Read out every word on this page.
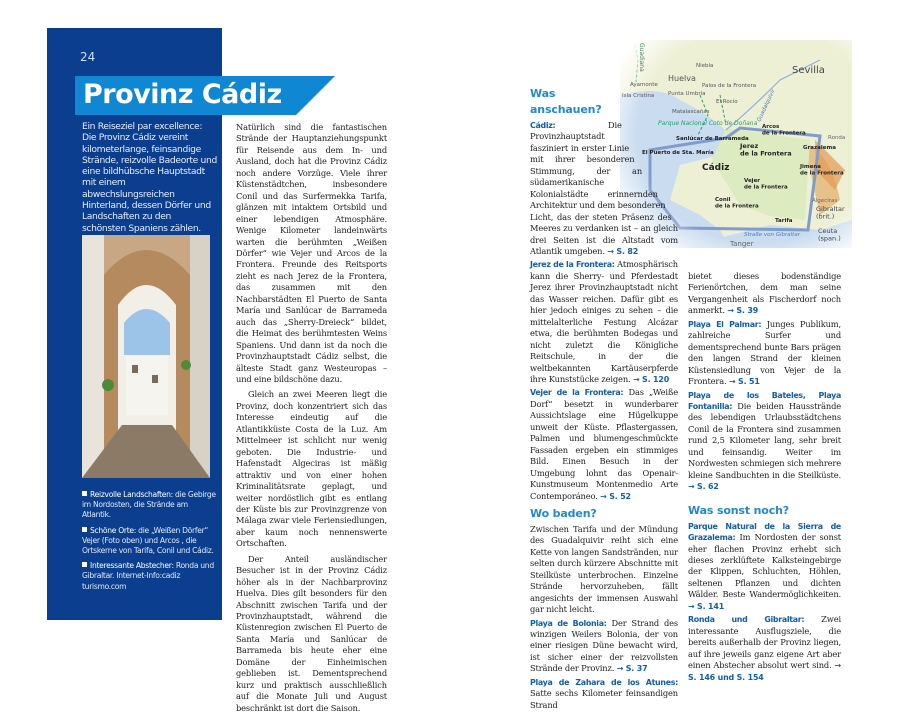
24
Provinz Cádiz
Ein Reiseziel par excellence: Die Provinz Cádiz vereint kilometerlange, feinsandige Strände, reizvolle Badeorte und eine bildhübsche Hauptstadt mit einem abwechslungsreichen Hinterland, dessen Dörfer und Landschaften zu den schönsten Spaniens zählen.

Reizvolle Landschaften: die Gebirge im Nordosten, die Strände am Atlantik.

Schöne Orte: die „Weißen Dörfer“ Vejer (Foto oben) und Arcos , die Ortskerne von Tarifa, Conil und Cádiz.

Interessante Abstecher: Ronda und Gibraltar. Internet-Info:cadiz turismo.com

Natürlich sind die fantastischen Strände der Hauptanziehungspunkt für Reisende aus dem In- und Ausland, doch hat die Provinz Cádiz noch andere Vorzüge. Viele ihrer Küstenstädtchen, insbesondere Conil und das Surfermekka Tarifa, glänzen mit intaktem Ortsbild und einer lebendigen Atmosphäre. Wenige Kilometer landeinwärts warten die berühmten „Weißen Dörfer“ wie Vejer und Arcos de la Frontera. Freunde des Reitsports zieht es nach Jerez de la Frontera, das zusammen mit den Nachbarstädten El Puerto de Santa María und Sanlúcar de Barrameda auch das „Sherry-Dreieck“ bildet, die Heimat des berühmtesten Weins Spaniens. Und dann ist da noch die Provinzhauptstadt Cádiz selbst, die älteste Stadt ganz Westeuropas – und eine bildschöne dazu.

Gleich an zwei Meeren liegt die Provinz, doch konzentriert sich das Interesse eindeutig auf die Atlantikküste Costa de la Luz. Am Mittelmeer ist schlicht nur wenig geboten. Die Industrie- und Hafenstadt Algeciras ist mäßig attraktiv und von einer hohen Kriminalitätsrate geplagt, und weiter nordöstlich gibt es entlang der Küste bis zur Provinzgrenze von Málaga zwar viele Feriensiedlungen, aber kaum noch nennenswerte Ortschaften.

Der Anteil ausländischer Besucher ist in der Provinz Cádiz höher als in der Nachbarprovinz Huelva. Dies gilt besonders für den Abschnitt zwischen Tarifa und der Provinzhauptstadt, während die Küstenregion zwischen El Puerto de Santa María und Sanlúcar de Barrameda bis heute eher eine Domäne der Einheimischen geblieben ist. Dementsprechend kurz und praktisch ausschließlich auf die Monate Juli und August beschränkt ist dort die Saison.

Sevilla
Huelva
Niebla
Ayamonte
Isla Cristina	Punta Umbría
Palos de la Frontera
El Rocío
Matalascañas
Parque Nacional Coto de Doñana
Guadiana
Guadalquivir
Sanlúcar de Barrameda
El Puerto de Sta. María
Cádiz
Jerez de la Frontera
Arcos de la Frontera
Grazalema
Jimena de la Frontera
Vejer de la Frontera
Conil de la Frontera
Tarifa
Ronda
Algeciras
Gibraltar (brit.)
Ceuta (span.)
Tanger
Straße von Gibraltar
Was anschauen?

Cádiz: Die Provinzhauptstadt fasziniert in erster Linie mit ihrer besonderen Stimmung, der an südamerikanische Kolonialstädte erinnernden Architektur und dem besonderen Licht, das der steten Präsenz des Meeres zu verdanken ist – an gleich drei Seiten ist die Altstadt vom Atlantik umgeben. → S. 82

Jerez de la Frontera: Atmosphärisch kann die Sherry- und Pferdestadt Jerez ihrer Provinzhauptstadt nicht das Wasser reichen. Dafür gibt es hier jedoch einiges zu sehen – die mittelalterliche Festung Alcázar etwa, die berühmten Bodegas und nicht zuletzt die Königliche Reitschule, in der die weltbekannten Kartäuserpferde ihre Kunststücke zeigen. → S. 120

Vejer de la Frontera: Das „Weiße Dorf“ besetzt in wunderbarer Aussichtslage eine Hügelkuppe unweit der Küste. Pflastergassen, Palmen und blumengeschmückte Fassaden ergeben ein stimmiges Bild. Einen Besuch in der Umgebung lohnt das Openair-Kunstmuseum Montenmedio Arte Contemporáneo. → S. 52

Wo baden?

Zwischen Tarifa und der Mündung des Guadalquivir reiht sich eine Kette von langen Sandstränden, nur selten durch kürzere Abschnitte mit Steilküste unterbrochen. Einzelne Strände hervorzuheben, fällt angesichts der immensen Auswahl gar nicht leicht.

Playa de Bolonia: Der Strand des winzigen Weilers Bolonia, der von einer riesigen Düne bewacht wird, ist sicher einer der reizvollsten Strände der Provinz. → S. 37

Playa de Zahara de los Atunes: Satte sechs Kilometer feinsandigen Strand

bietet dieses bodenständige Ferienörtchen, dem man seine Vergangenheit als Fischerdorf noch anmerkt. → S. 39

Playa El Palmar: Junges Publikum, zahlreiche Surfer und dementsprechend bunte Bars prägen den langen Strand der kleinen Küstensiedlung von Vejer de la Frontera. → S. 51

Playa de los Bateles, Playa Fontanilla: Die beiden Hausstrände des lebendigen Urlaubsstädtchens Conil de la Frontera sind zusammen rund 2,5 Kilometer lang, sehr breit und feinsandig. Weiter im Nordwesten schmiegen sich mehrere kleine Sandbuchten in die Steilküste. → S. 62

Was sonst noch?

Parque Natural de la Sierra de Grazalema: Im Nordosten der sonst eher flachen Provinz erhebt sich dieses zerklüftete Kalksteingebirge der Klippen, Schluchten, Höhlen, seltenen Pflanzen und dichten Wälder. Beste Wandermöglichkeiten. → S. 141

Ronda und Gibraltar: Zwei interessante Ausflugsziele, die bereits außerhalb der Provinz liegen, auf ihre jeweils ganz eigene Art aber einen Abstecher absolut wert sind. → S. 146 und S. 154
